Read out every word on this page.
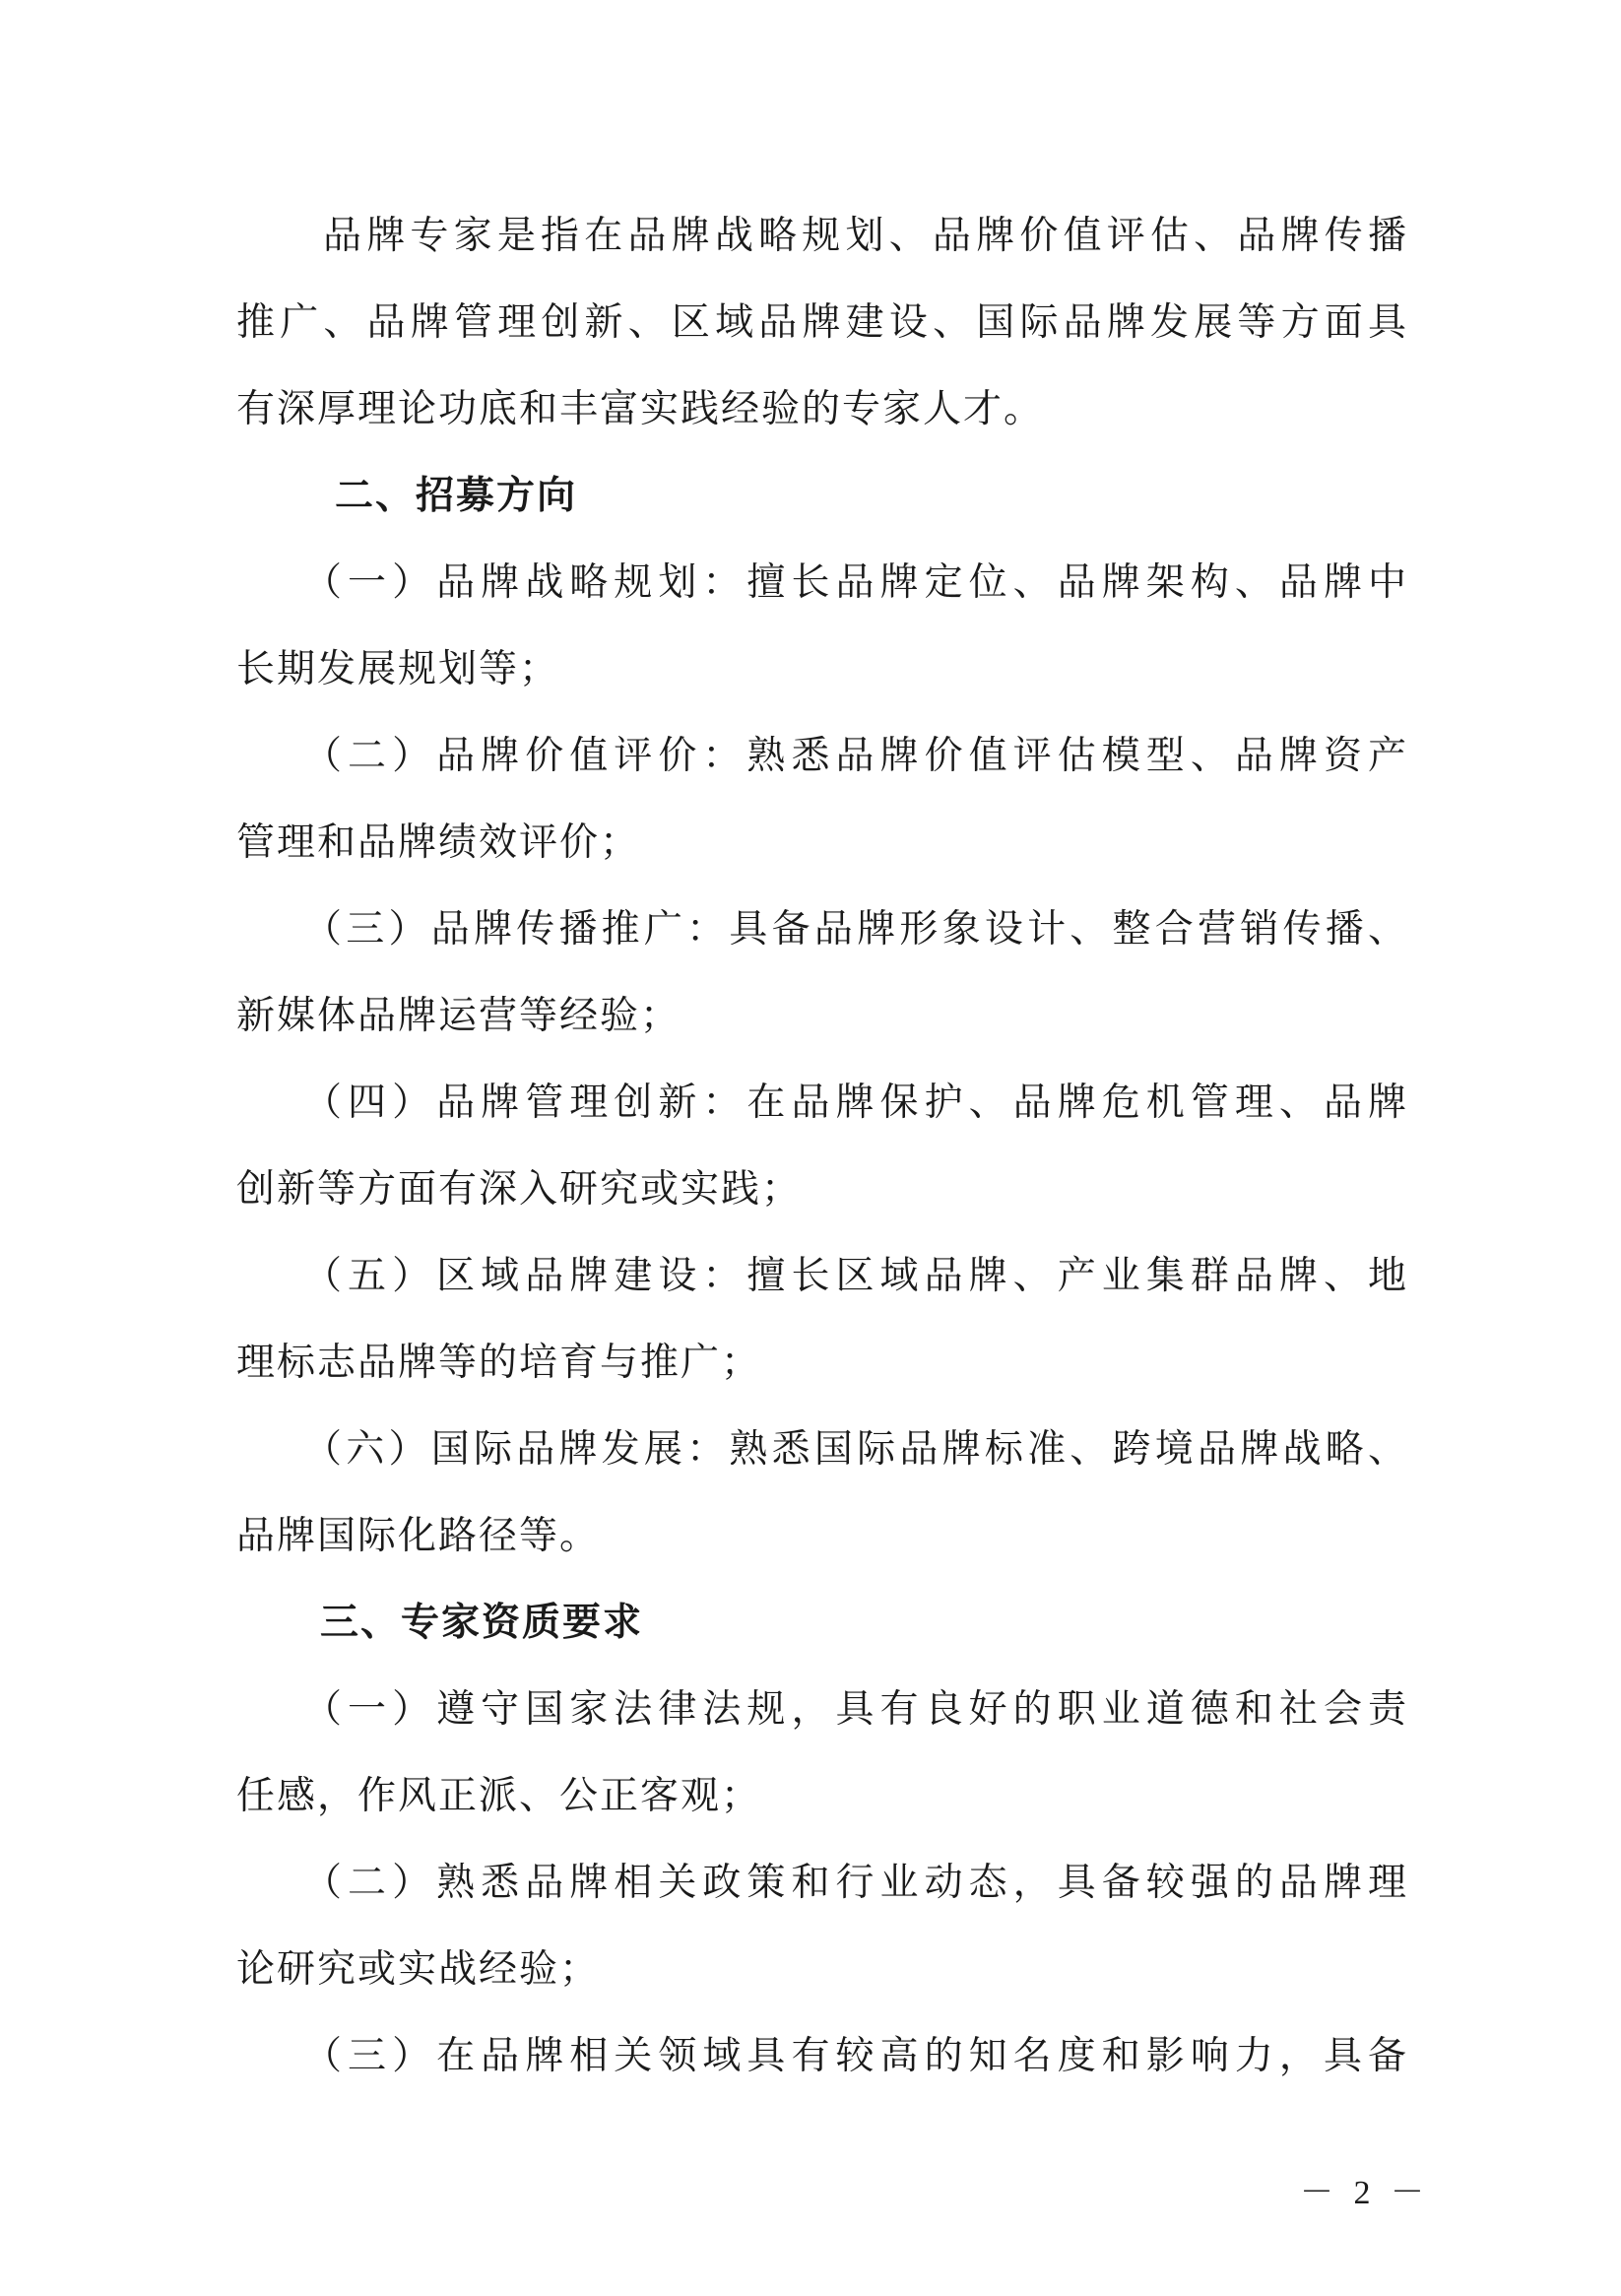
品牌专家是指在品牌战略规划、品牌价值评估、品牌传播
推广、品牌管理创新、区域品牌建设、国际品牌发展等方面具
有深厚理论功底和丰富实践经验的专家人才。
二、招募方向
（一）品牌战略规划：擅长品牌定位、品牌架构、品牌中
长期发展规划等；
（二）品牌价值评价：熟悉品牌价值评估模型、品牌资产
管理和品牌绩效评价；
（三）品牌传播推广：具备品牌形象设计、整合营销传播、
新媒体品牌运营等经验；
（四）品牌管理创新：在品牌保护、品牌危机管理、品牌
创新等方面有深入研究或实践；
（五）区域品牌建设：擅长区域品牌、产业集群品牌、地
理标志品牌等的培育与推广；
（六）国际品牌发展：熟悉国际品牌标准、跨境品牌战略、
品牌国际化路径等。
三、专家资质要求
（一）遵守国家法律法规，具有良好的职业道德和社会责
任感，作风正派、公正客观；
（二）熟悉品牌相关政策和行业动态，具备较强的品牌理
论研究或实战经验；
（三）在品牌相关领域具有较高的知名度和影响力，具备
－ 2 －
